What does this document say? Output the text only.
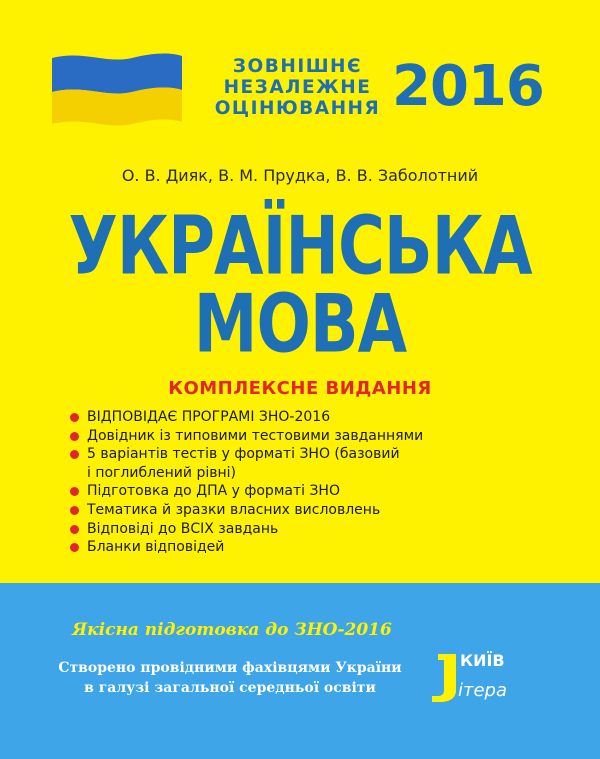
ЗОВНІШНЄ
НЕЗАЛЕЖНЕ
ОЦІНЮВАННЯ 2016
О. В. Дияк, В. М. Прудка, В. В. Заболотний
УКРАЇНСЬКА
МОВА
КОМПЛЕКСНЕ ВИДАННЯ
ВІДПОВІДАЄ ПРОГРАМІ ЗНО-2016
Довідник із типовими тестовими завданнями
5 варіантів тестів у форматі ЗНО (базовий
і поглиблений рівні)
Підготовка до ДПА у форматі ЗНО
Тематика й зразки власних висловлень
Відповіді до ВСІХ завдань
Бланки відповідей
Якісна підготовка до ЗНО-2016
Створено провідними фахівцями України
в галузі загальної середньої освіти
КИЇВ
ітера
